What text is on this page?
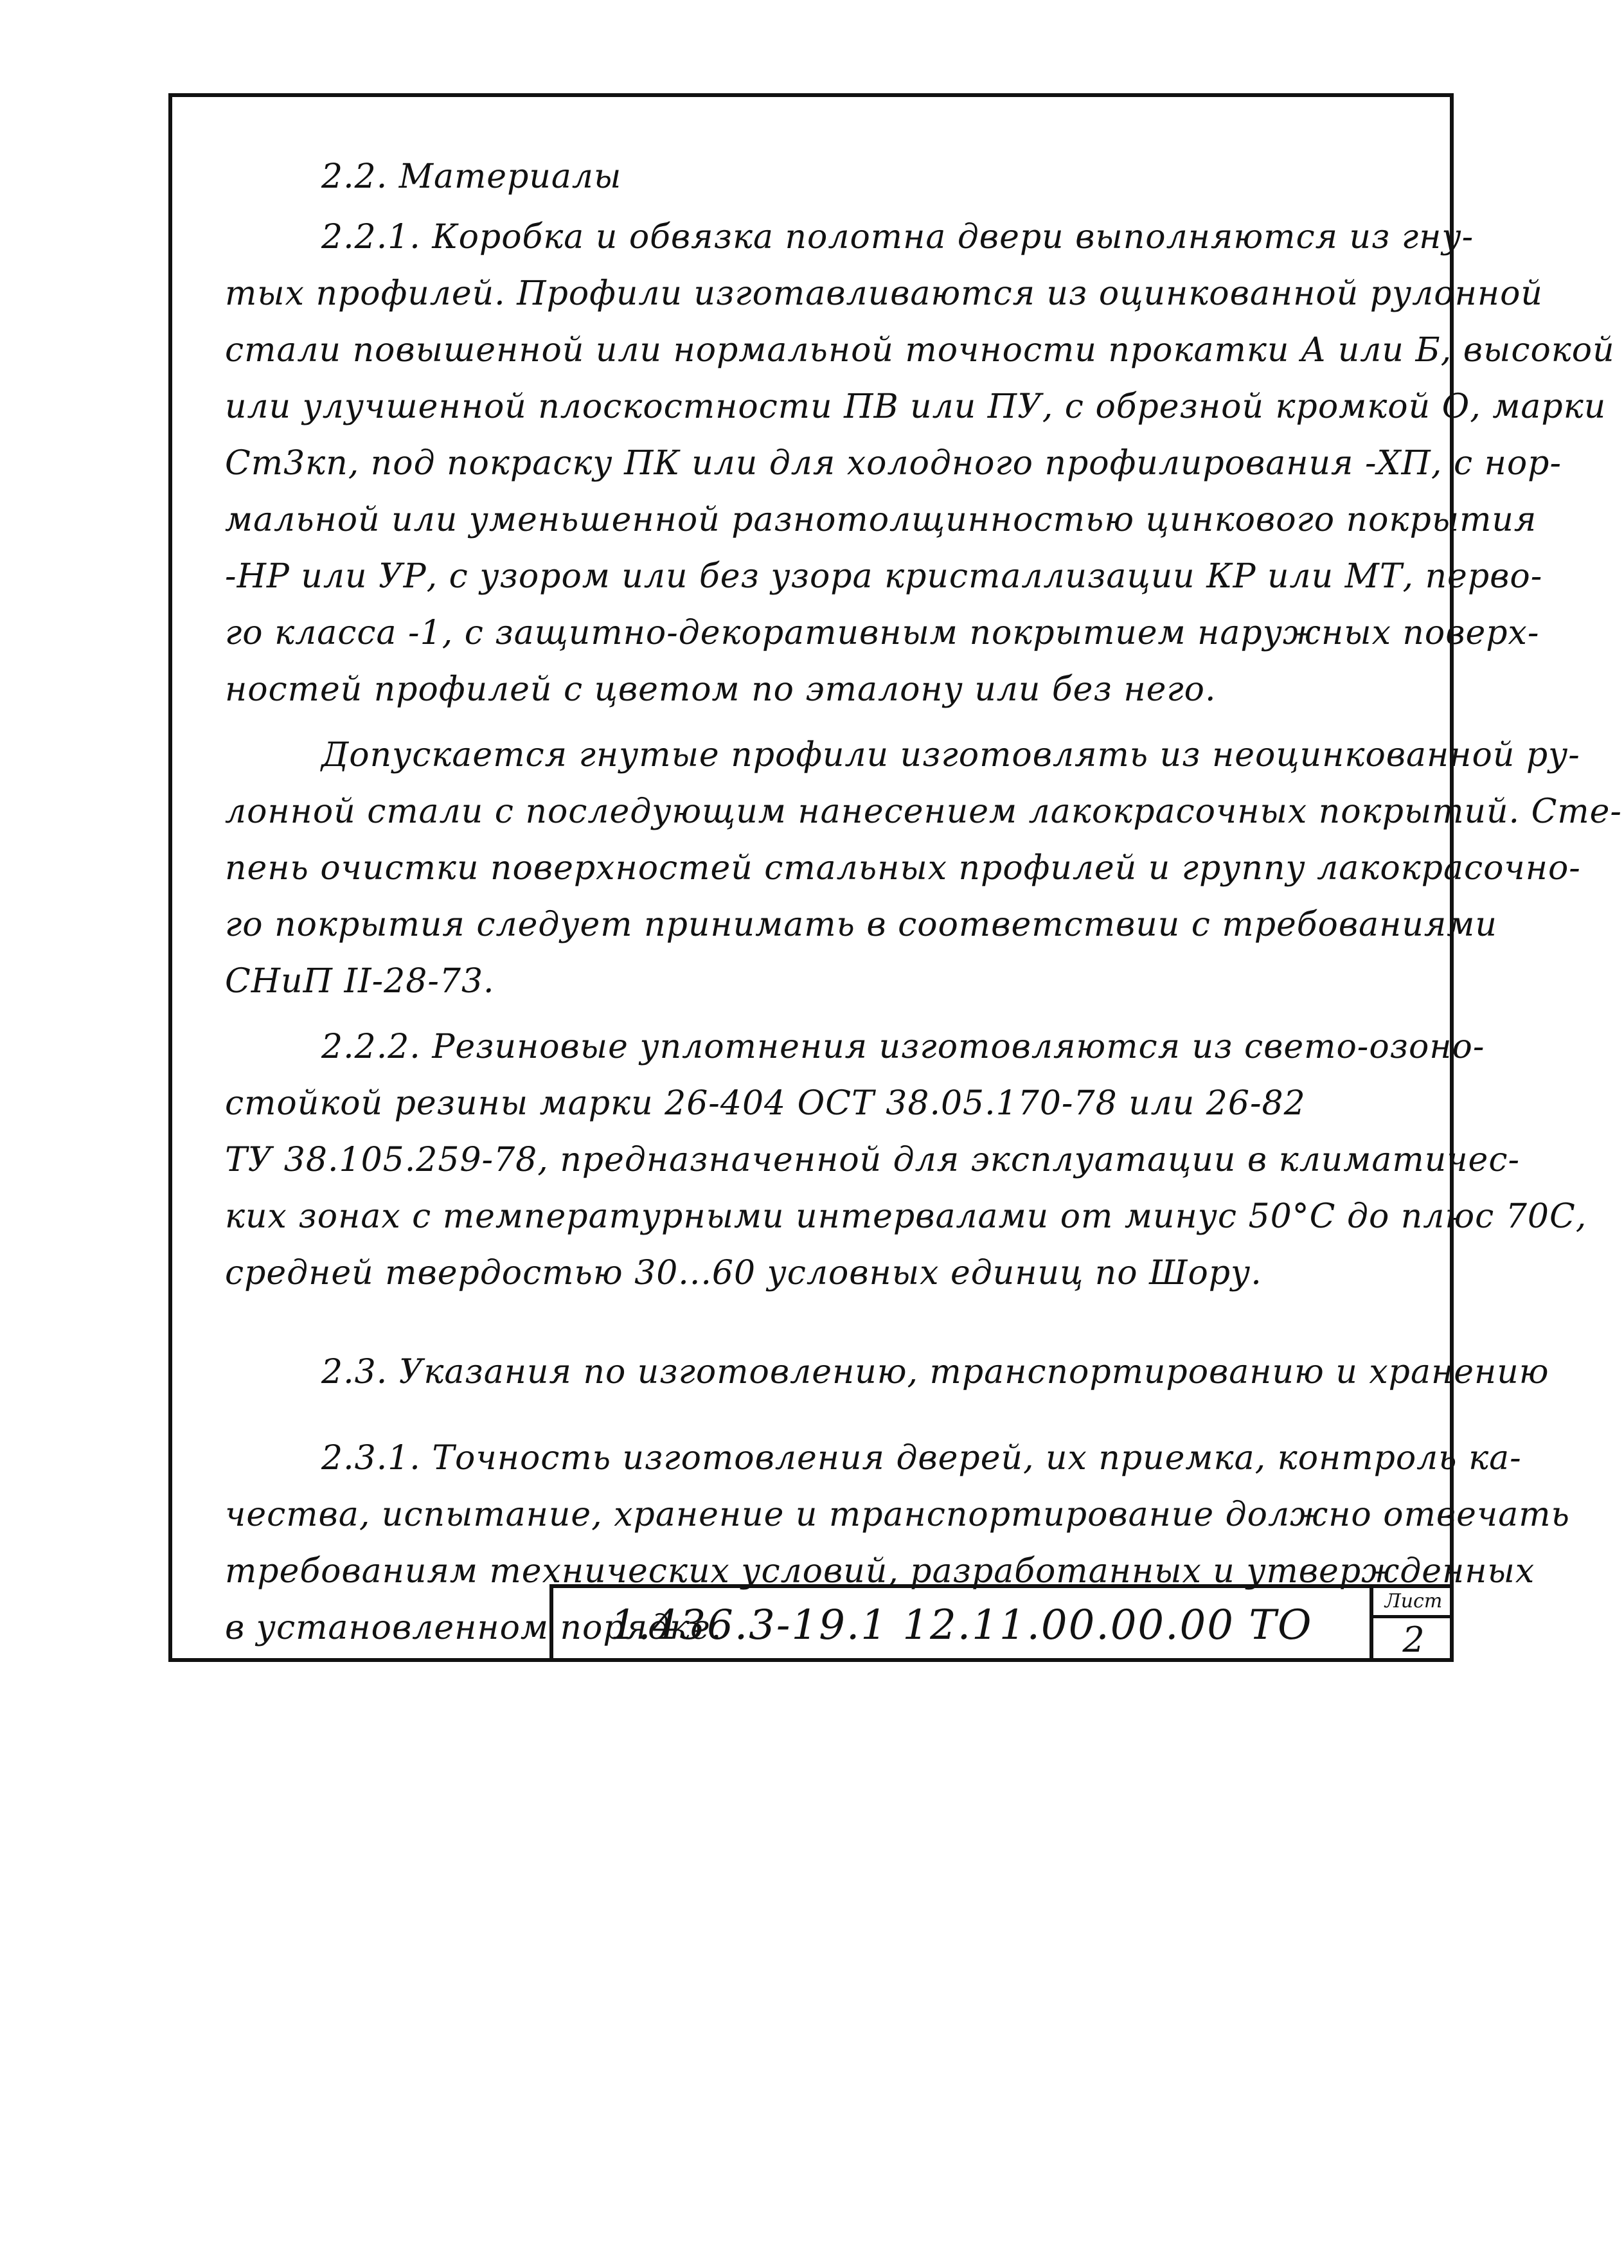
2.2. Материалы

2.2.1. Коробка и обвязка полотна двери выполняются из гну-

тых профилей. Профили изготавливаются из оцинкованной рулонной

стали повышенной или нормальной точности прокатки А или Б, высокой

или улучшенной плоскостности ПВ или ПУ, с обрезной кромкой О, марки

Ст3кп, под покраску ПК или для холодного профилирования -ХП, с нор-

мальной или уменьшенной разнотолщинностью цинкового покрытия

-НР или УР, с узором или без узора кристаллизации КР или МТ, перво-

го класса -1, с защитно-декоративным покрытием наружных поверх-

ностей профилей с цветом по эталону или без него.

Допускается гнутые профили изготовлять из неоцинкованной ру-

лонной стали с последующим нанесением лакокрасочных покрытий. Сте-

пень очистки поверхностей стальных профилей и группу лакокрасочно-

го покрытия следует принимать в соответствии с требованиями

СНиП II-28-73.

2.2.2. Резиновые уплотнения изготовляются из свето-озоно-

стойкой резины марки 26-404 ОСТ 38.05.170-78 или 26-82

ТУ 38.105.259-78, предназначенной для эксплуатации в климатичес-

ких зонах с температурными интервалами от минус 50°С до плюс 70С,

средней твердостью 30...60 условных единиц по Шору.

2.3. Указания по изготовлению, транспортированию и хранению

2.3.1. Точность изготовления дверей, их приемка, контроль ка-

чества, испытание, хранение и транспортирование должно отвечать

требованиям технических условий, разработанных и утвержденных

в установленном порядке.

1.436.3-19.1 12.11.00.00.00 ТО	Лист
2
